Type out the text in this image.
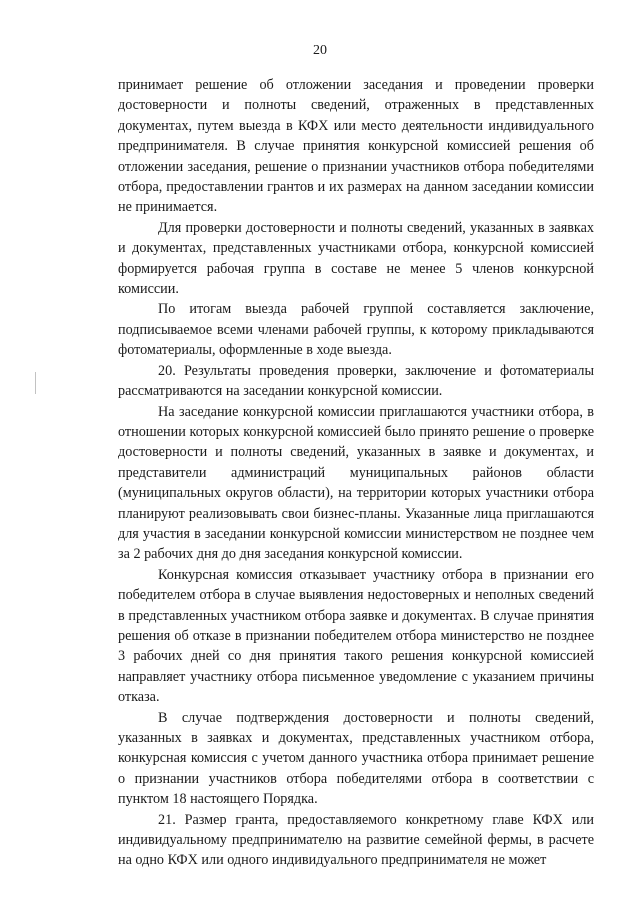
20

принимает решение об отложении заседания и проведении проверки достоверности и полноты сведений, отраженных в представленных документах, путем выезда в КФХ или место деятельности индивидуального предпринимателя. В случае принятия конкурсной комиссией решения об отложении заседания, решение о признании участников отбора победителями отбора, предоставлении грантов и их размерах на данном заседании комиссии не принимается.

Для проверки достоверности и полноты сведений, указанных в заявках и документах, представленных участниками отбора, конкурсной комиссией формируется рабочая группа в составе не менее 5 членов конкурсной комиссии.

По итогам выезда рабочей группой составляется заключение, подписываемое всеми членами рабочей группы, к которому прикладываются фотоматериалы, оформленные в ходе выезда.

20. Результаты проведения проверки, заключение и фотоматериалы рассматриваются на заседании конкурсной комиссии.

На заседание конкурсной комиссии приглашаются участники отбора, в отношении которых конкурсной комиссией было принято решение о проверке достоверности и полноты сведений, указанных в заявке и документах, и представители администраций муниципальных районов области (муниципальных округов области), на территории которых участники отбора планируют реализовывать свои бизнес-планы. Указанные лица приглашаются для участия в заседании конкурсной комиссии министерством не позднее чем за 2 рабочих дня до дня заседания конкурсной комиссии.

Конкурсная комиссия отказывает участнику отбора в признании его победителем отбора в случае выявления недостоверных и неполных сведений в представленных участником отбора заявке и документах. В случае принятия решения об отказе в признании победителем отбора министерство не позднее 3 рабочих дней со дня принятия такого решения конкурсной комиссией направляет участнику отбора письменное уведомление с указанием причины отказа.

В случае подтверждения достоверности и полноты сведений, указанных в заявках и документах, представленных участником отбора, конкурсная комиссия с учетом данного участника отбора принимает решение о признании участников отбора победителями отбора в соответствии с пунктом 18 настоящего Порядка.

21. Размер гранта, предоставляемого конкретному главе КФХ или индивидуальному предпринимателю на развитие семейной фермы, в расчете на одно КФХ или одного индивидуального предпринимателя не может
